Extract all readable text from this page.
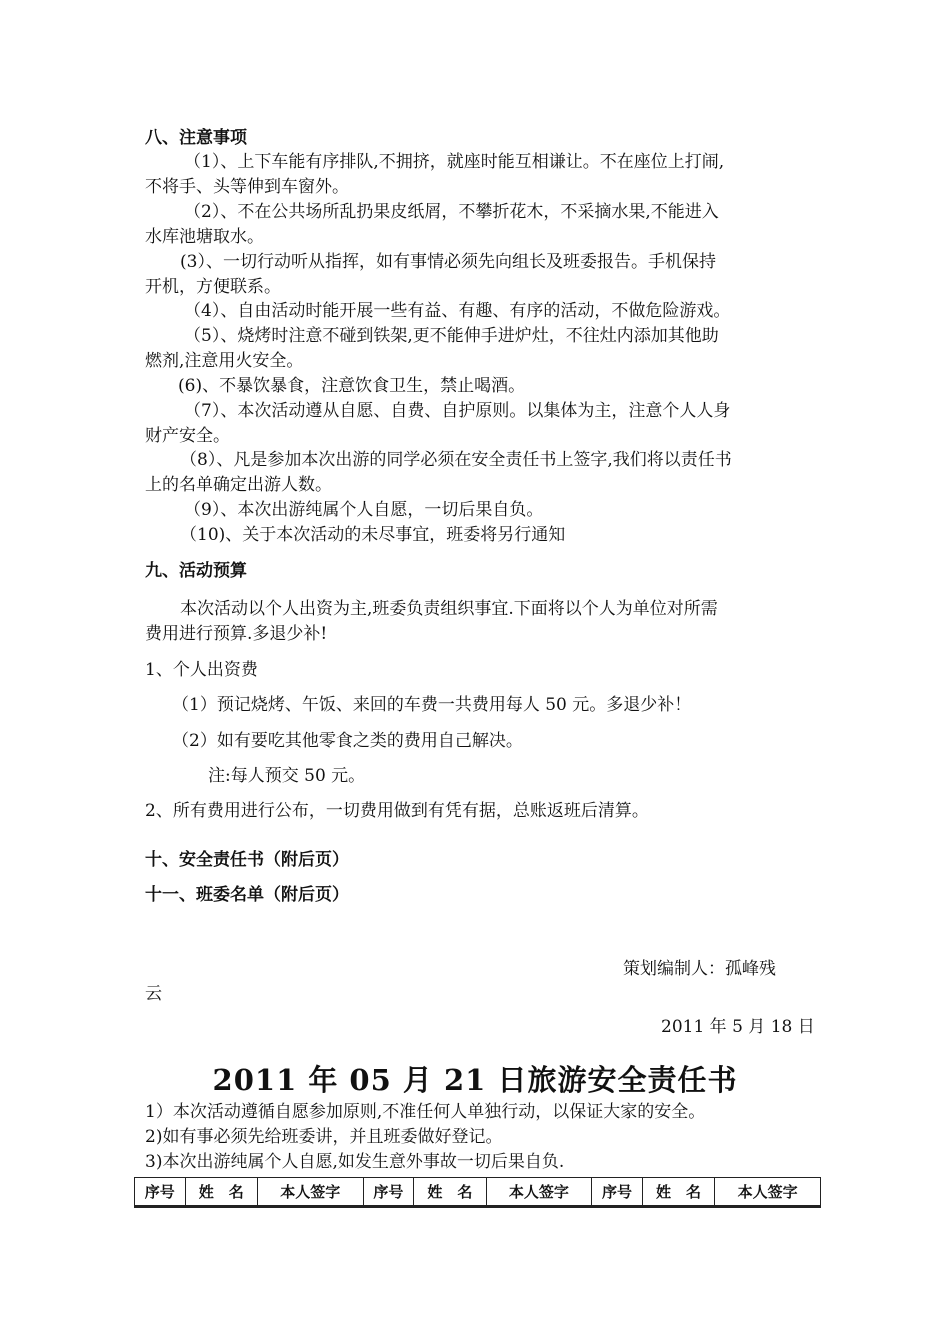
八、注意事项

（1）、上下车能有序排队,不拥挤，就座时能互相谦让。不在座位上打闹,

不将手、头等伸到车窗外。

（2）、不在公共场所乱扔果皮纸屑，不攀折花木，不采摘水果,不能进入

水库池塘取水。

(3）、一切行动听从指挥，如有事情必须先向组长及班委报告。手机保持

开机，方便联系。

（4）、自由活动时能开展一些有益、有趣、有序的活动，不做危险游戏。

（5）、烧烤时注意不碰到铁架,更不能伸手进炉灶，不往灶内添加其他助

燃剂,注意用火安全。

(6)、不暴饮暴食，注意饮食卫生，禁止喝酒。

（7）、本次活动遵从自愿、自费、自护原则。以集体为主，注意个人人身

财产安全。

（8）、凡是参加本次出游的同学必须在安全责任书上签字,我们将以责任书

上的名单确定出游人数。

（9）、本次出游纯属个人自愿，一切后果自负。

（10)、关于本次活动的未尽事宜，班委将另行通知

九、活动预算

本次活动以个人出资为主,班委负责组织事宜.下面将以个人为单位对所需

费用进行预算.多退少补!

1、个人出资费

（1）预记烧烤、午饭、来回的车费一共费用每人 50 元。多退少补！

（2）如有要吃其他零食之类的费用自己解决。

注:每人预交 50 元。

2、所有费用进行公布，一切费用做到有凭有据，总账返班后清算。

十、安全责任书（附后页）

十一、班委名单（附后页）

策划编制人：孤峰残

云

2011 年 5 月 18 日

2011 年 05 月 21 日旅游安全责任书

1）本次活动遵循自愿参加原则,不准任何人单独行动，以保证大家的安全。

2)如有事必须先给班委讲，并且班委做好登记。

3)本次出游纯属个人自愿,如发生意外事故一切后果自负.

序号	姓　名	本人签字	序号	姓　名	本人签字	序号	姓　名	本人签字
